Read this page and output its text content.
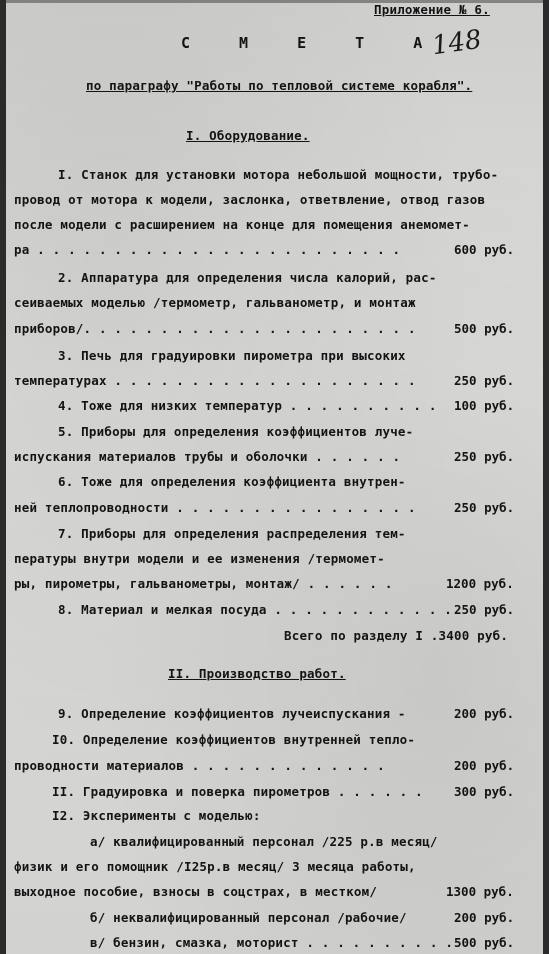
Приложение № 6.
148
С М Е Т А
по параграфу "Работы по тепловой системе корабля".
I. Оборудование.
I. Станок для установки мотора небольшой мощности, трубо-
провод от мотора к модели, заслонка, ответвление, отвод газов
после модели с расширением на конце для помещения анемомет-
ра . . . . . . . . . . . . . . . . . . . . . . . .	600 руб.
2. Аппаратура для определения числа калорий, рас-
сеиваемых моделью /термометр, гальванометр, и монтаж
приборов/. . . . . . . . . . . . . . . . . . . . . .	500 руб.
3. Печь для градуировки пирометра при высоких
температурах . . . . . . . . . . . . . . . . . . . .	250 руб.
4. Тоже для низких температур . . . . . . . . . . 100 руб.
5. Приборы для определения коэффициентов луче-
испускания материалов трубы и оболочки . . . . . .	250 руб.
6. Тоже для определения коэффициента внутрен-
ней теплопроводности . . . . . . . . . . . . . . . .	250 руб.
7. Приборы для определения распределения тем-
пературы внутри модели и ее изменения /термомет-
ры, пирометры, гальванометры, монтаж/ . . . . . .	1200 руб.
8. Материал и мелкая посуда . . . . . . . . . . . . 250 руб.
Всего по разделу I .3400 руб.
II. Производство работ.
9. Определение коэффициентов лучеиспускания -	200 руб.
I0. Определение коэффициентов внутренней тепло-
проводности материалов . . . . . . . . . . . . .	200 руб.
II. Градуировка и поверка пирометров . . . . . . 300 руб.
I2. Эксперименты с моделью:
а/ квалифицированный персонал /225 р.в месяц/
физик и его помощник /I25р.в месяц/ 3 месяца работы,
выходное пособие, взносы в соцстрах, в местком/	1300 руб.
б/ неквалифицированный персонал /рабочие/	200 руб.
в/ бензин, смазка, моторист . . . . . . . . . . 500 руб.
